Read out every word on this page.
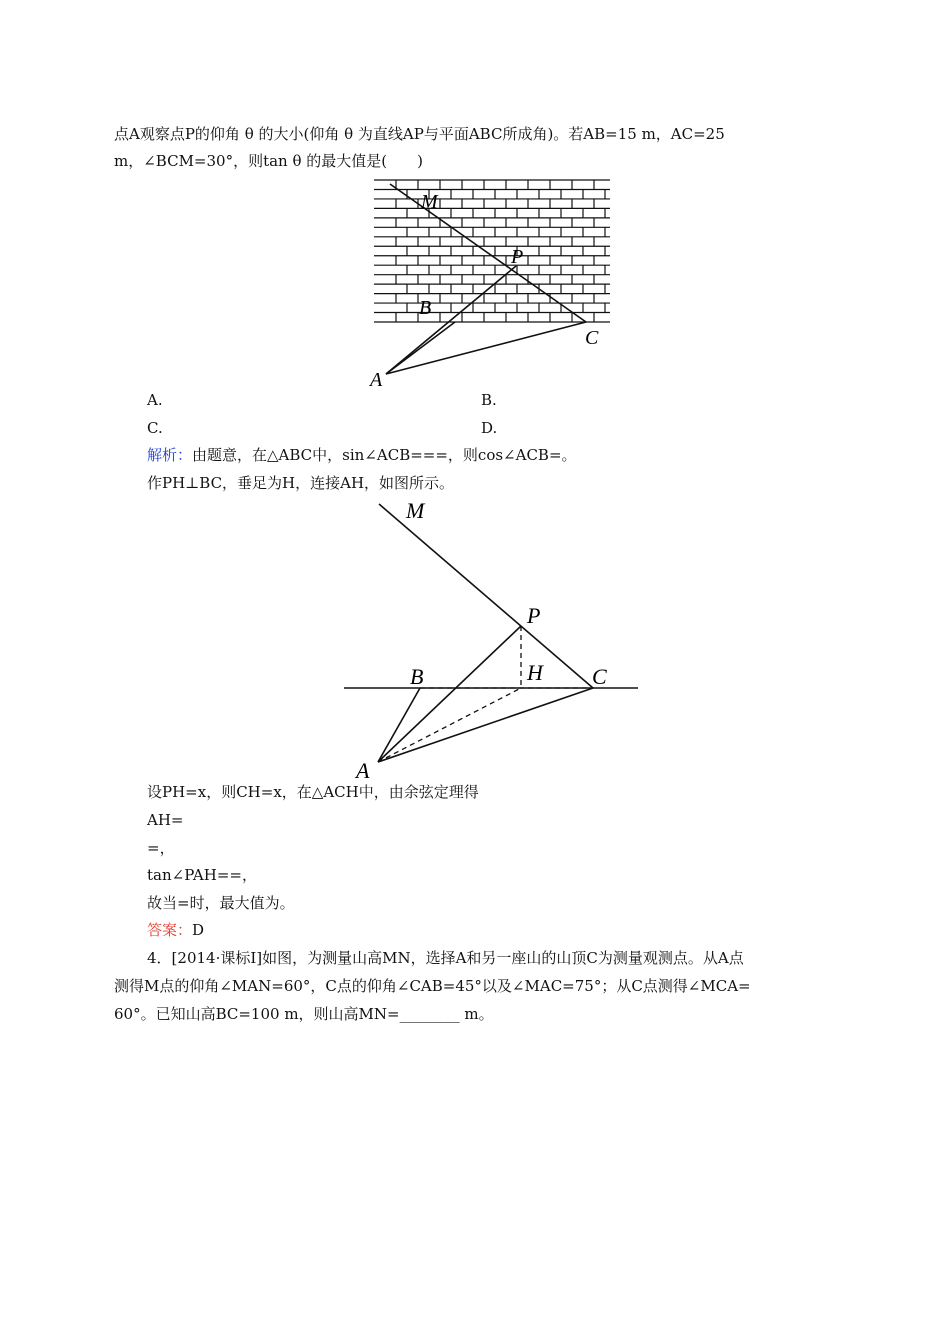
点A观察点P的仰角 θ 的大小(仰角 θ 为直线AP与平面ABC所成角)。若AB=15 m，AC=25
m，∠BCM=30°，则tan θ 的最大值是(　　)
M
P
B
C
A
A.	B.
C.	D.
解析：由题意，在△ABC中，sin∠ACB===，则cos∠ACB=。
作PH⊥BC，垂足为H，连接AH，如图所示。
M
P
H
B	C
A
设PH=x，则CH=x，在△ACH中，由余弦定理得
AH=
=，
tan∠PAH==，
故当=时，最大值为。
答案：D
4．[2014·课标Ⅰ]如图，为测量山高MN，选择A和另一座山的山顶C为测量观测点。从A点
测得M点的仰角∠MAN=60°，C点的仰角∠CAB=45°以及∠MAC=75°；从C点测得∠MCA=
60°。已知山高BC=100 m，则山高MN=________ m。
